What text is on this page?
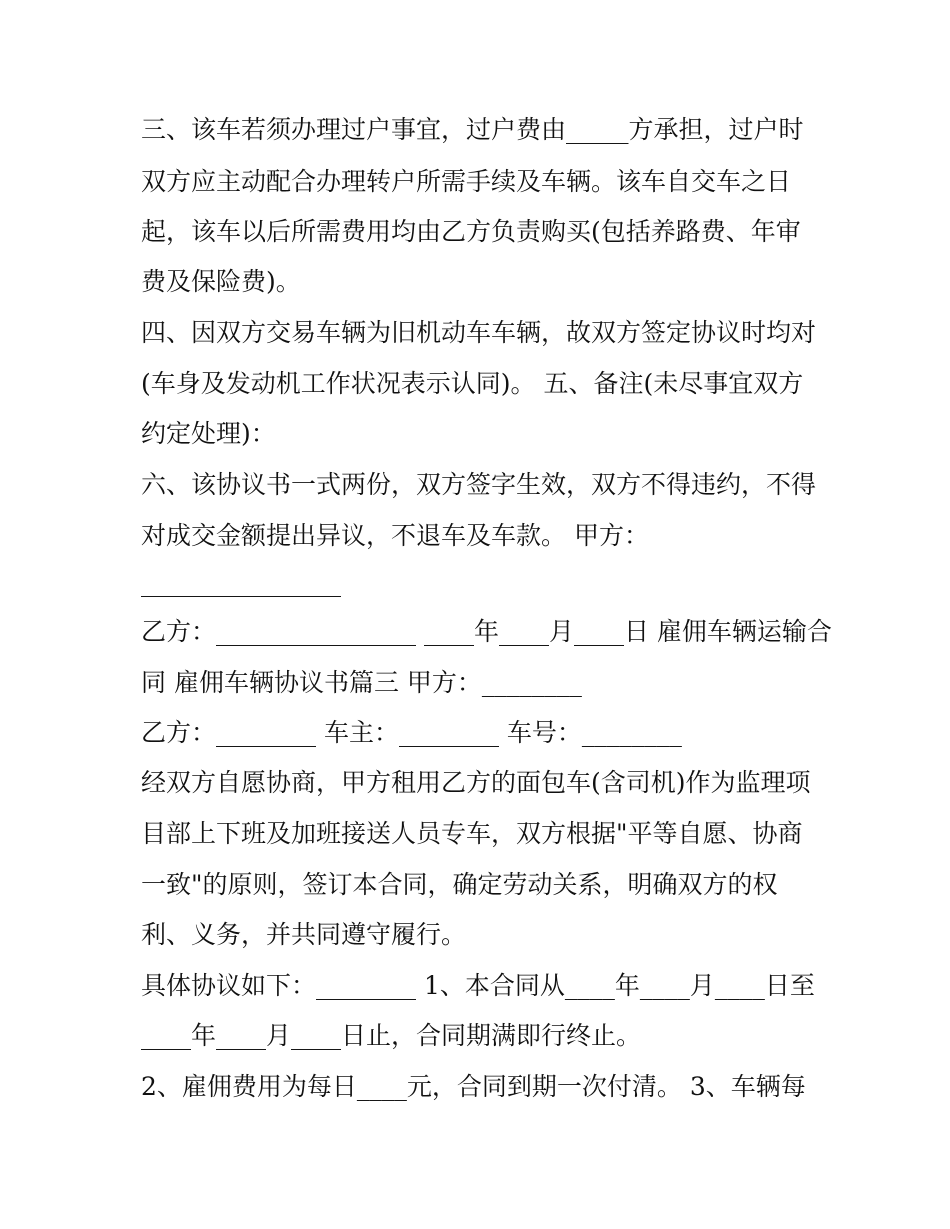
三、该车若须办理过户事宜，过户费由_____方承担，过户时
双方应主动配合办理转户所需手续及车辆。该车自交车之日
起，该车以后所需费用均由乙方负责购买(包括养路费、年审
费及保险费)。
四、因双方交易车辆为旧机动车车辆，故双方签定协议时均对
(车身及发动机工作状况表示认同)。 五、备注(未尽事宜双方
约定处理)：
六、该协议书一式两份，双方签字生效，双方不得违约，不得
对成交金额提出异议，不退车及车款。 甲方：
________________
乙方：________________ ____年____月____日 雇佣车辆运输合
同 雇佣车辆协议书篇三 甲方：________
乙方：________ 车主：________ 车号：________
经双方自愿协商，甲方租用乙方的面包车(含司机)作为监理项
目部上下班及加班接送人员专车，双方根据"平等自愿、协商
一致"的原则，签订本合同，确定劳动关系，明确双方的权
利、义务，并共同遵守履行。
具体协议如下：________ 1、本合同从____年____月____日至
____年____月____日止，合同期满即行终止。
2、雇佣费用为每日____元，合同到期一次付清。 3、车辆每
